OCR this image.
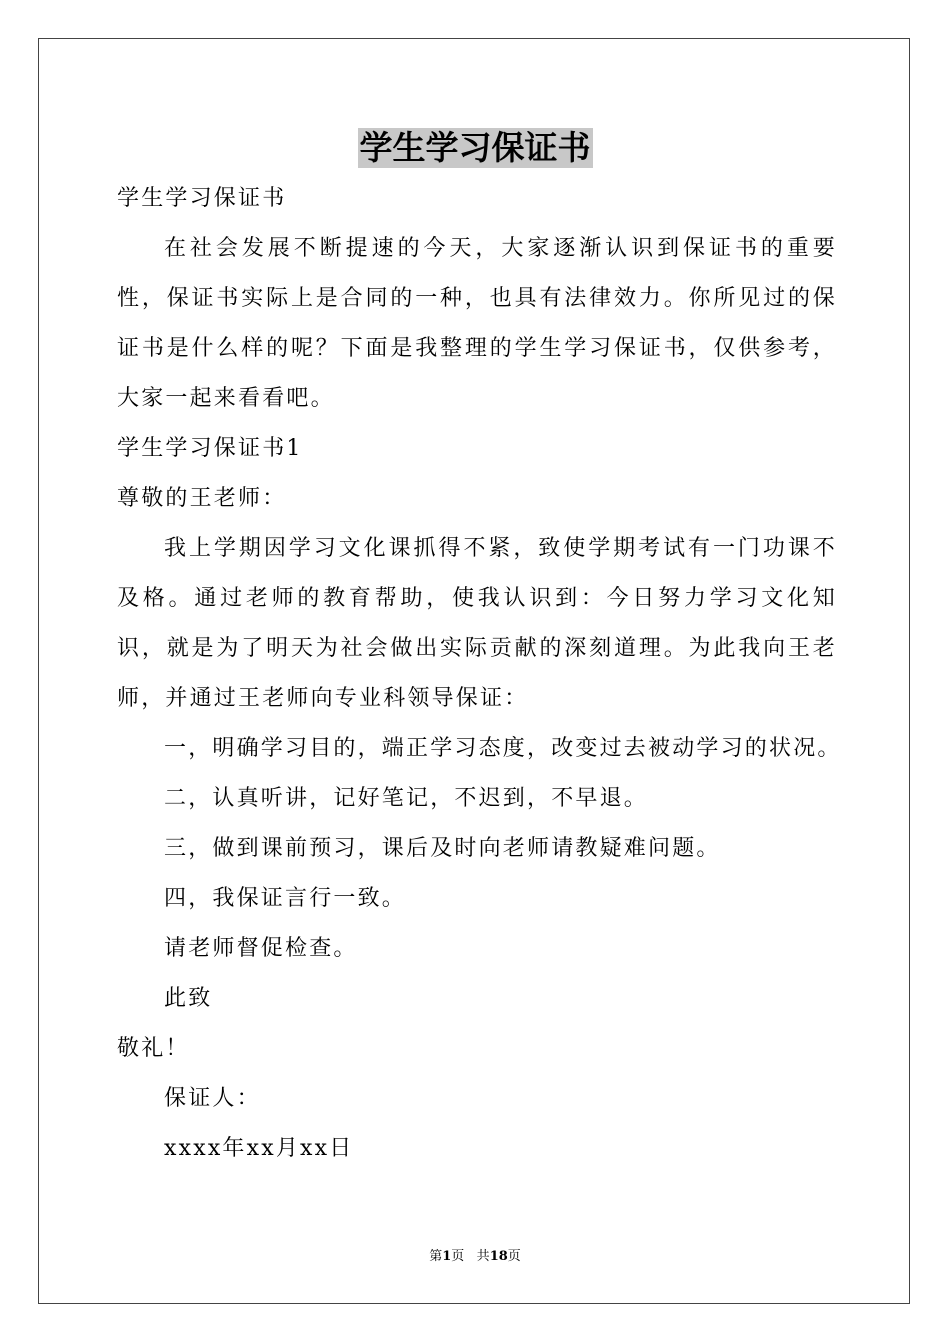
学生学习保证书

学生学习保证书

在社会发展不断提速的今天，大家逐渐认识到保证书的重要性，保证书实际上是合同的一种，也具有法律效力。你所见过的保证书是什么样的呢？下面是我整理的学生学习保证书，仅供参考，大家一起来看看吧。

学生学习保证书1

尊敬的王老师：

我上学期因学习文化课抓得不紧，致使学期考试有一门功课不及格。通过老师的教育帮助，使我认识到：今日努力学习文化知识，就是为了明天为社会做出实际贡献的深刻道理。为此我向王老师，并通过王老师向专业科领导保证：

一，明确学习目的，端正学习态度，改变过去被动学习的状况。

二，认真听讲，记好笔记，不迟到，不早退。

三，做到课前预习，课后及时向老师请教疑难问题。

四，我保证言行一致。

请老师督促检查。

此致

敬礼！

保证人：

xxxx年xx月xx日

第1页 共18页
